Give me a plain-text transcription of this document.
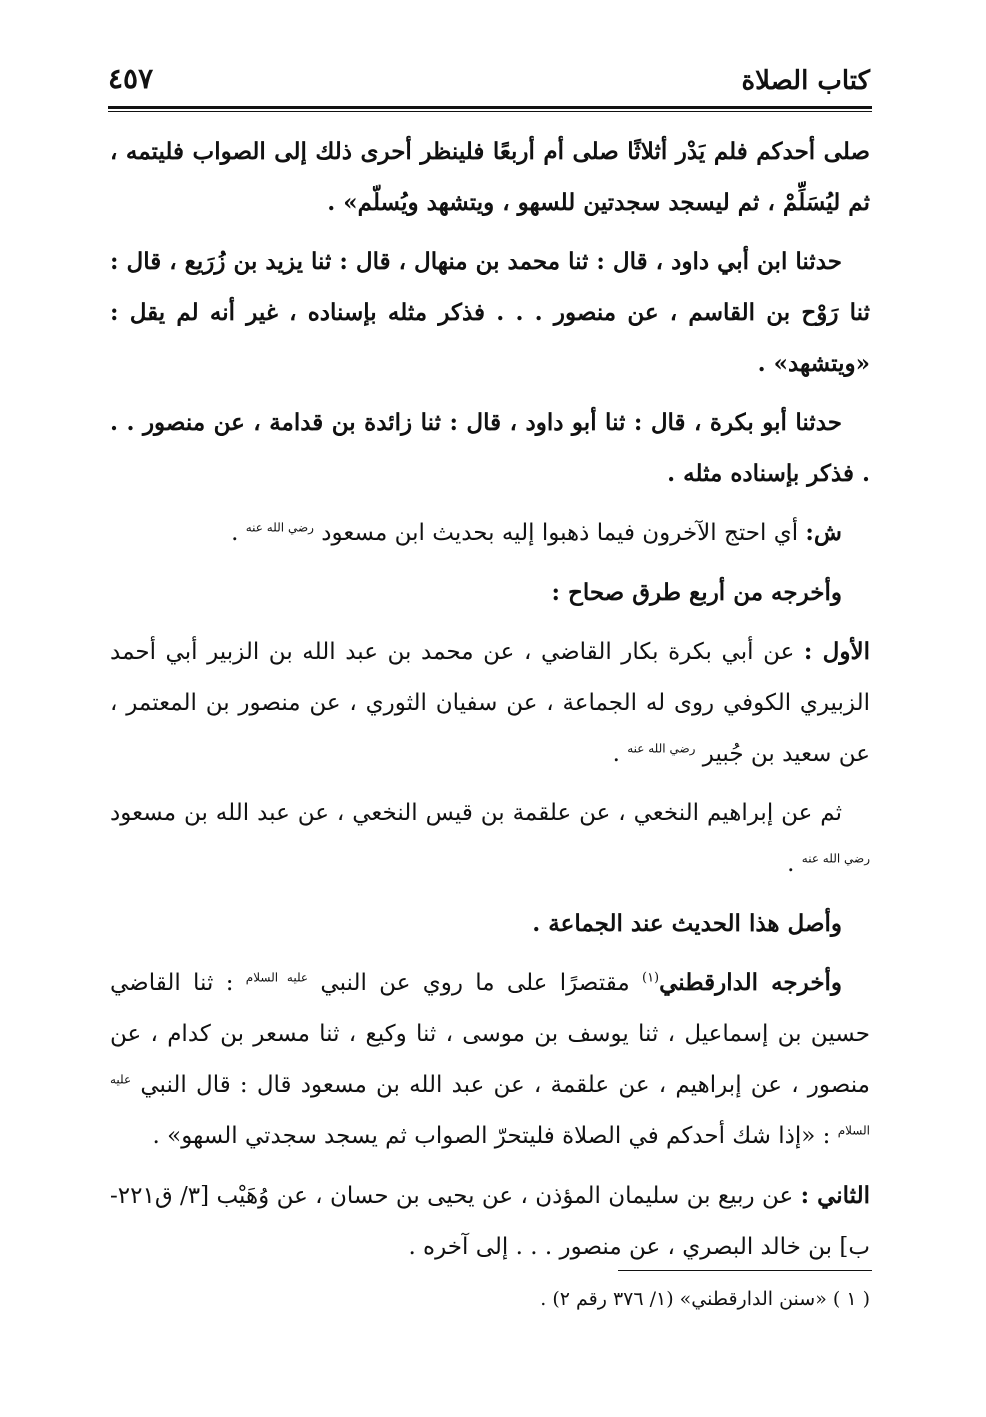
كتاب الصلاة
٤٥٧

صلى أحدكم فلم يَدْر أثلاثًا صلى أم أربعًا فلينظر أحرى ذلك إلى الصواب فليتمه ، ثم ليُسَلِّمْ ، ثم ليسجد سجدتين للسهو ، ويتشهد ويُسلّم» .

حدثنا ابن أبي داود ، قال : ثنا محمد بن منهال ، قال : ثنا يزيد بن زُرَيع ، قال : ثنا رَوْح بن القاسم ، عن منصور . . . فذكر مثله بإسناده ، غير أنه لم يقل : «ويتشهد» .

حدثنا أبو بكرة ، قال : ثنا أبو داود ، قال : ثنا زائدة بن قدامة ، عن منصور . . . فذكر بإسناده مثله .

ش: أي احتج الآخرون فيما ذهبوا إليه بحديث ابن مسعود $^{رضي الله عنه}$ .

وأخرجه من أربع طرق صحاح :

الأول : عن أبي بكرة بكار القاضي ، عن محمد بن عبد الله بن الزبير أبي أحمد الزبيري الكوفي روى له الجماعة ، عن سفيان الثوري ، عن منصور بن المعتمر ، عن سعيد بن جُبير $^{رضي الله عنه}$ .

ثم عن إبراهيم النخعي ، عن علقمة بن قيس النخعي ، عن عبد الله بن مسعود $^{رضي الله عنه}$ .

وأصل هذا الحديث عند الجماعة .

وأخرجه الدارقطني$^{(١)}$ مقتصرًا على ما روي عن النبي $^{عليه السلام}$ : ثنا القاضي حسين بن إسماعيل ، ثنا يوسف بن موسى ، ثنا وكيع ، ثنا مسعر بن كدام ، عن منصور ، عن إبراهيم ، عن علقمة ، عن عبد الله بن مسعود قال : قال النبي $^{عليه السلام}$ : «إذا شك أحدكم في الصلاة فليتحرّ الصواب ثم يسجد سجدتي السهو» .

الثاني : عن ربيع بن سليمان المؤذن ، عن يحيى بن حسان ، عن وُهَيْب [٣/ ق٢٢١-ب] بن خالد البصري ، عن منصور . . . إلى آخره .

( ١ ) «سنن الدارقطني» (١/ ٣٧٦ رقم ٢) .
